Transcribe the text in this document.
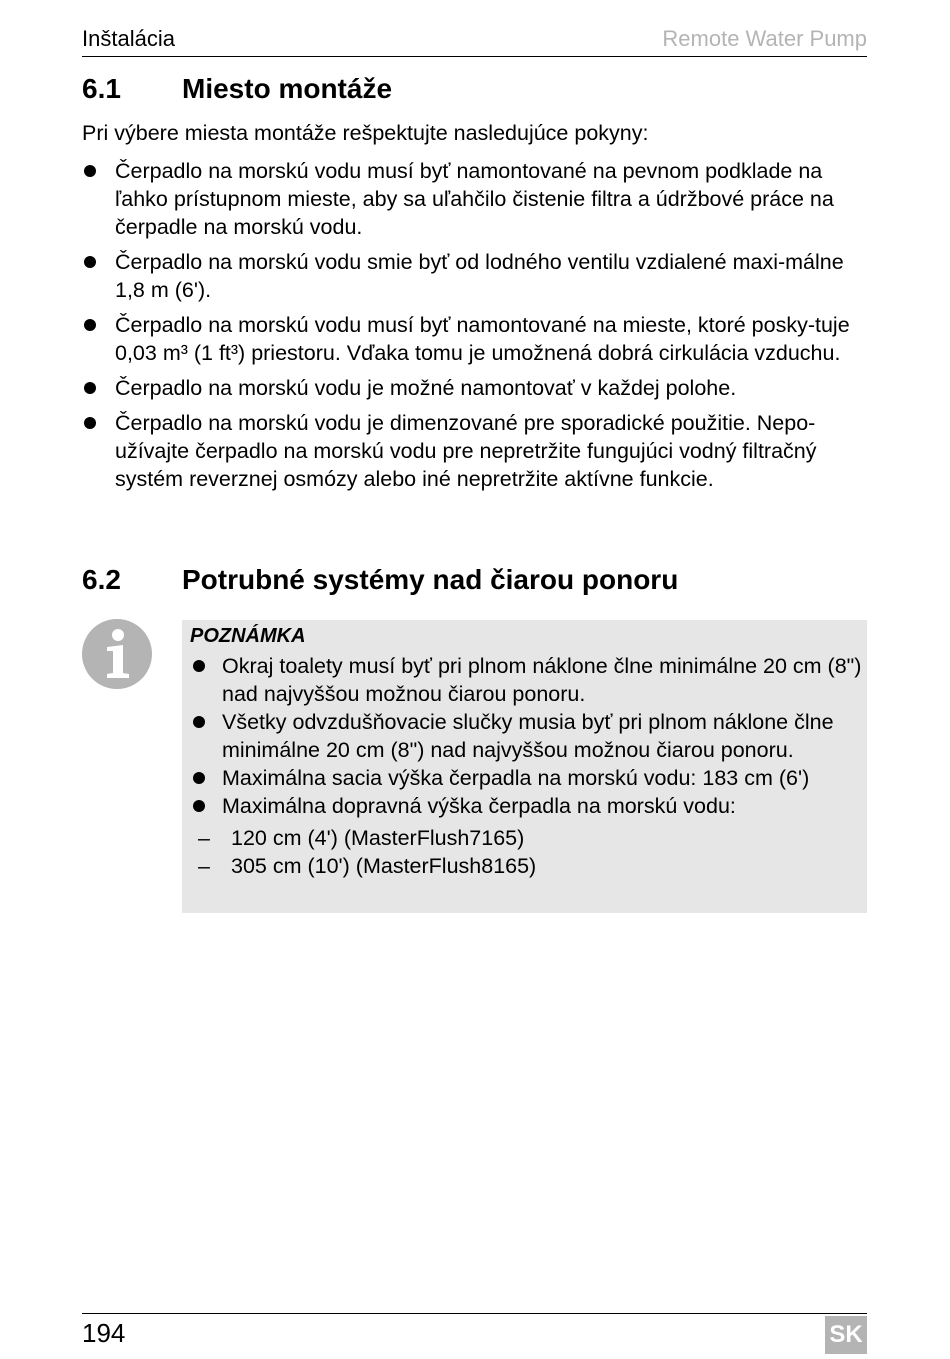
Inštalácia	Remote Water Pump
6.1 Miesto montáže
Pri výbere miesta montáže rešpektujte nasledujúce pokyny:
Čerpadlo na morskú vodu musí byť namontované na pevnom podklade na ľahko prístupnom mieste, aby sa uľahčilo čistenie filtra a údržbové práce na čerpadle na morskú vodu.
Čerpadlo na morskú vodu smie byť od lodného ventilu vzdialené maxi-málne 1,8 m (6').
Čerpadlo na morskú vodu musí byť namontované na mieste, ktoré posky-tuje 0,03 m³ (1 ft³) priestoru. Vďaka tomu je umožnená dobrá cirkulácia vzduchu.
Čerpadlo na morskú vodu je možné namontovať v každej polohe.
Čerpadlo na morskú vodu je dimenzované pre sporadické použitie. Nepo-užívajte čerpadlo na morskú vodu pre nepretržite fungujúci vodný filtračný systém reverznej osmózy alebo iné nepretržite aktívne funkcie.
6.2 Potrubné systémy nad čiarou ponoru
POZNÁMKA
Okraj toalety musí byť pri plnom náklone člne minimálne 20 cm (8") nad najvyššou možnou čiarou ponoru.
Všetky odvzdušňovacie slučky musia byť pri plnom náklone člne minimálne 20 cm (8") nad najvyššou možnou čiarou ponoru.
Maximálna sacia výška čerpadla na morskú vodu: 183 cm (6')
Maximálna dopravná výška čerpadla na morskú vodu:
– 120 cm (4') (MasterFlush7165)
– 305 cm (10') (MasterFlush8165)
194	SK
